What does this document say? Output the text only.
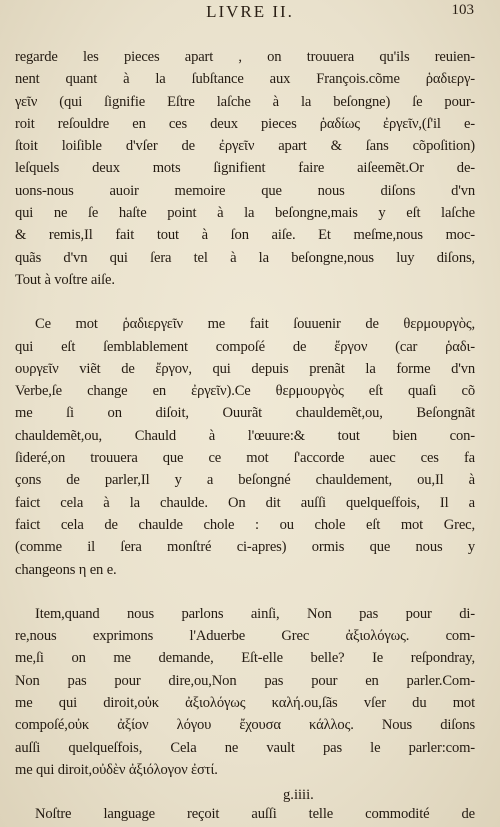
LIVRE II.	103
regarde les pieces apart , on trouuera qu'ils reuien-
nent quant à la ſubſtance aux François.cõme ῥαδιεργ-
γεῖν (qui ſignifie Eſtre laſche à la beſongne) ſe pour-
roit reſouldre en ces deux pieces ῥαδίως ἐργεῖν,(ſ'il e-
ſtoit loiſible d'vſer de ἐργεῖν apart & ſans cõpoſition)
leſquels deux mots ſignifient faire aiſeemẽt.Or de-
uons-nous auoir memoire que nous diſons d'vn
qui ne ſe haſte point à la beſongne,mais y eſt laſche
& remis,Il fait tout à ſon aiſe. Et meſme,nous moc-
quãs d'vn qui ſera tel à la beſongne,nous luy diſons,
Tout à voſtre aiſe.
Ce mot ῥαδιεργεῖν me fait ſouuenir de θερμουργὸς,
qui eſt ſemblablement compoſé de ἔργον (car ῥαδι-
ουργεῖν viẽt de ἔργον, qui depuis prenãt la forme d'vn
Verbe,ſe change en ἐργεῖν).Ce θερμουργὸς eſt quaſi cõ
me ſi on diſoit, Ouurãt chauldemẽt,ou, Beſongnãt
chauldemẽt,ou, Chauld à l'œuure:& tout bien con-
ſideré,on trouuera que ce mot ſ'accorde auec ces fa
çons de parler,Il y a beſongné chauldement, ou,Il à
faict cela à la chaulde. On dit auſſi quelqueſfois, Il a
faict cela de chaulde chole : ou chole eſt mot Grec,
(comme il ſera monſtré ci-apres) ormis que nous y
changeons η en e.
Item,quand nous parlons ainſi, Non pas pour di-
re,nous exprimons l'Aduerbe Grec ἀξιολόγως. com-
me,ſi on me demande, Eſt-elle belle? Ie reſpondray,
Non pas pour dire,ou,Non pas pour en parler.Com-
me qui diroit,οὐκ ἀξιολόγως καλή.ou,ſãs vſer du mot
compoſé,οὐκ ἀξίον λόγου ἔχουσα κάλλος. Nous diſons
auſſi quelqueſfois, Cela ne vault pas le parler:com-
me qui diroit,οὐδὲν ἀξιόλογον ἐστί.
Noſtre language reçoit auſſi telle commodité de
g.iiii.
